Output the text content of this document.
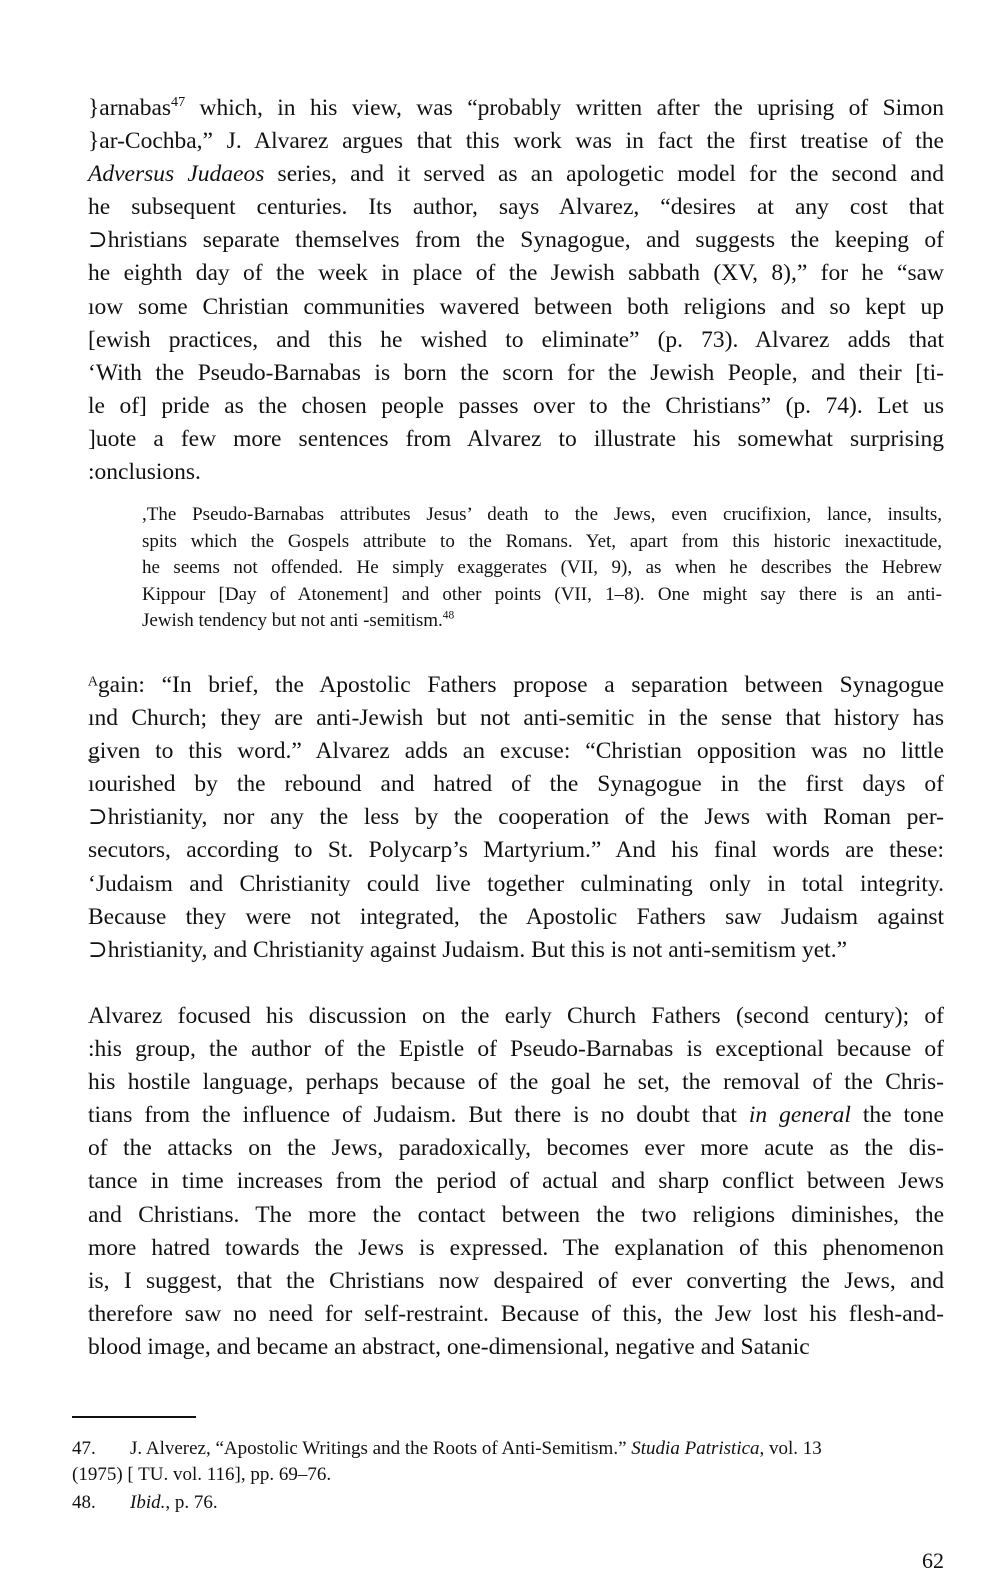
}arnabas$^{47}$ which, in his view, was “probably written after the uprising of Simon
}ar-Cochba,” J. Alvarez argues that this work was in fact the first treatise of the
Adversus Judaeos series, and it served as an apologetic model for the second and
he subsequent centuries. Its author, says Alvarez, “desires at any cost that
⊃hristians separate themselves from the Synagogue, and suggests the keeping of
he eighth day of the week in place of the Jewish sabbath (XV, 8),” for he “saw
ıow some Christian communities wavered between both religions and so kept up
[ewish practices, and this he wished to eliminate” (p. 73). Alvarez adds that
‘With the Pseudo-Barnabas is born the scorn for the Jewish People, and their [ti-
le of] pride as the chosen people passes over to the Christians” (p. 74). Let us
]uote a few more sentences from Alvarez to illustrate his somewhat surprising
:onclusions.
,The Pseudo-Barnabas attributes Jesus’ death to the Jews, even crucifixion, lance, insults,
spits which the Gospels attribute to the Romans. Yet, apart from this historic inexactitude,
he seems not offended. He simply exaggerates (VII, 9), as when he describes the Hebrew
Kippour [Day of Atonement] and other points (VII, 1–8). One might say there is an anti-
Jewish tendency but not anti -semitism.$^{48}$
ᴬgain: “In brief, the Apostolic Fathers propose a separation between Synagogue
ınd Church; they are anti-Jewish but not anti-semitic in the sense that history has
ǥiven to this word.” Alvarez adds an excuse: “Christian opposition was no little
ıourished by the rebound and hatred of the Synagogue in the first days of
⊃hristianity, nor any the less by the cooperation of the Jews with Roman per-
ѕecutors, according to St. Polycarp’s Martyrium.” And his final words are these:
‘Judaism and Christianity could live together culminating only in total integrity.
Because they were not integrated, the Apostolic Fathers saw Judaism against
⊃hristianity, and Christianity against Judaism. But this is not anti-semitism yet.”
Alvarez focused his discussion on the early Church Fathers (second century); of
:his group, the author of the Epistle of Pseudo-Barnabas is exceptional because of
his hostile language, perhaps because of the goal he set, the removal of the Chris-
tians from the influence of Judaism. But there is no doubt that in general the tone
of the attacks on the Jews, paradoxically, becomes ever more acute as the dis-
tance in time increases from the period of actual and sharp conflict between Jews
and Christians. The more the contact between the two religions diminishes, the
more hatred towards the Jews is expressed. The explanation of this phenomenon
is, I suggest, that the Christians now despaired of ever converting the Jews, and
therefore saw no need for self-restraint. Because of this, the Jew lost his flesh-and-
blood image, and became an abstract, one-dimensional, negative and Satanic
47. J. Alverez, “Apostolic Writings and the Roots of Anti-Semitism.” Studia Patristica, vol. 13
(1975) [ TU. vol. 116], pp. 69–76.
48. Ibid., p. 76.
62
